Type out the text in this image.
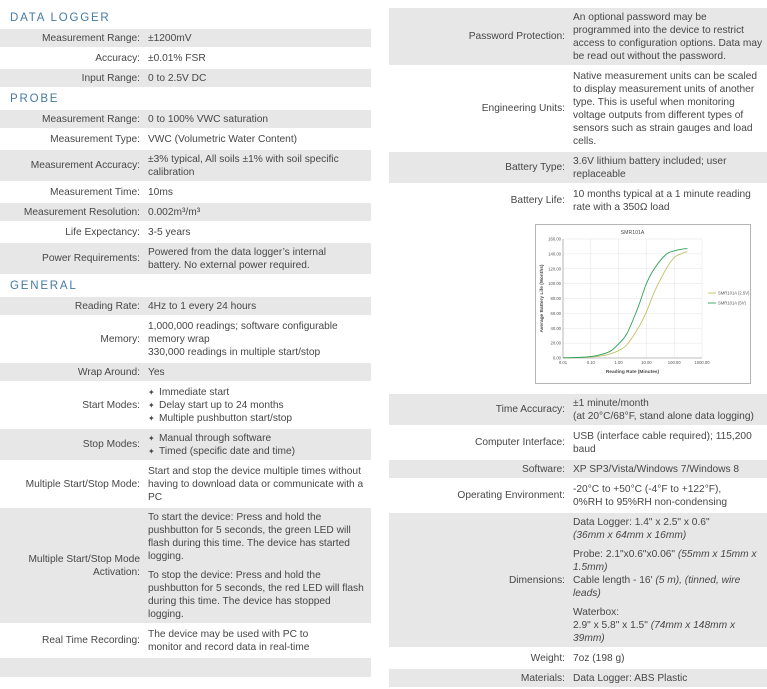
DATA LOGGER
Measurement Range: ±1200mV
Accuracy: ±0.01% FSR
Input Range: 0 to 2.5V DC
PROBE
Measurement Range: 0 to 100% VWC saturation
Measurement Type: VWC (Volumetric Water Content)
Measurement Accuracy:
±3% typical, All soils ±1% with soil specific calibration
Measurement Time: 10ms
Measurement Resolution: 0.002m³/m³
Life Expectancy: 3-5 years
Power Requirements:
Powered from the data logger’s internal
battery. No external power required.
GENERAL
Reading Rate: 4Hz to 1 every 24 hours
Memory:
1,000,000 readings; software configurable memory wrap
330,000 readings in multiple start/stop
Wrap Around: Yes
Start Modes:
✦ Immediate start
✦ Delay start up to 24 months
✦ Multiple pushbutton start/stop
Stop Modes:
✦ Manual through software
✦ Timed (specific date and time)
Multiple Start/Stop Mode:
Start and stop the device multiple times without having to download data or communicate with a PC
Multiple Start/Stop Mode Activation:
To start the device: Press and hold the pushbutton for 5 seconds, the green LED will flash during this time. The device has started logging.
To stop the device: Press and hold the pushbutton for 5 seconds, the red LED will flash during this time. The device has stopped logging.
Real Time Recording:
The device may be used with PC to
monitor and record data in real-time
Password Protection:
An optional password may be programmed into the device to restrict access to configuration options. Data may be read out without the password.
Engineering Units:
Native measurement units can be scaled to display measurement units of another type. This is useful when monitoring voltage outputs from different types of sensors such as strain gauges and load cells.
Battery Type:
3.6V lithium battery included; user replaceable
Battery Life:
10 months typical at a 1 minute reading rate with a 350Ω load
0.00
20.00
40.00
60.00
80.00
100.00
120.00
140.00
160.00
0.01	0.10	1.00	10.00	100.00	1000.00
SMR101A
Reading Rate (Minutes)
Average Battery Life (Months)	SMR101A (2.5V)
SMR101A (5V)
Time Accuracy:
±1 minute/month
(at 20°C/68°F, stand alone data logging)
Computer Interface:
USB (interface cable required); 115,200 baud
Software: XP SP3/Vista/Windows 7/Windows 8
Operating Environment:
-20°C to +50°C (-4°F to +122°F),
0%RH to 95%RH non-condensing
Dimensions:
Data Logger: 1.4" x 2.5" x 0.6"
(36mm x 64mm x 16mm)
Probe: 2.1"x0.6"x0.06" (55mm x 15mm x 1.5mm)
Cable length - 16' (5 m), (tinned, wire leads)
Waterbox:
2.9" x 5.8" x 1.5" (74mm x 148mm x 39mm)
Weight: 7oz (198 g)
Materials: Data Logger: ABS Plastic
